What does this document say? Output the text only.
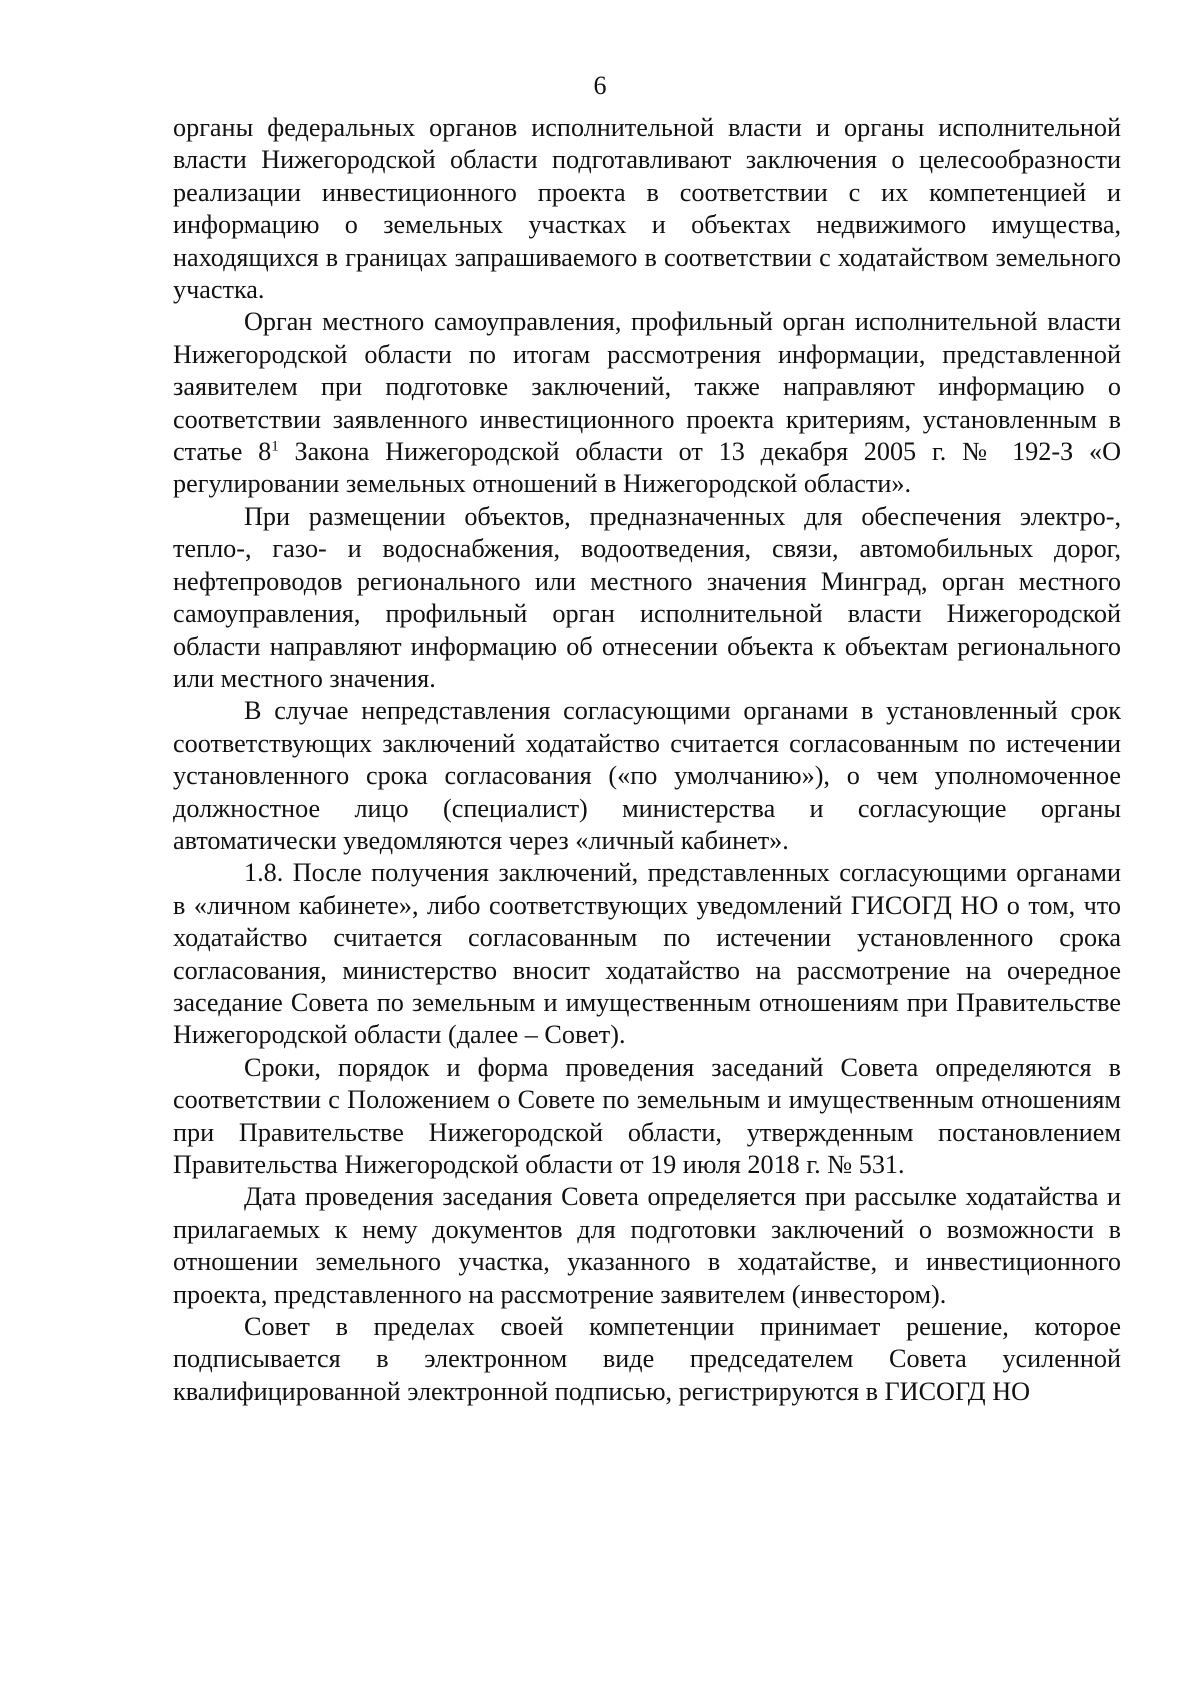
6

органы федеральных органов исполнительной власти и органы исполнительной власти Нижегородской области подготавливают заключения о целесообразности реализации инвестиционного проекта в соответствии с их компетенцией и информацию о земельных участках и объектах недвижимого имущества, находящихся в границах запрашиваемого в соответствии с ходатайством земельного участка.

Орган местного самоуправления, профильный орган исполнительной власти Нижегородской области по итогам рассмотрения информации, представленной заявителем при подготовке заключений, также направляют информацию о соответствии заявленного инвестиционного проекта критериям, установленным в статье $8^1$ Закона Нижегородской области от 13 декабря 2005 г. № 192-З «О регулировании земельных отношений в Нижегородской области».

При размещении объектов, предназначенных для обеспечения электро-, тепло-, газо- и водоснабжения, водоотведения, связи, автомобильных дорог, нефтепроводов регионального или местного значения Минград, орган местного самоуправления, профильный орган исполнительной власти Нижегородской области направляют информацию об отнесении объекта к объектам регионального или местного значения.

В случае непредставления согласующими органами в установленный срок соответствующих заключений ходатайство считается согласованным по истечении установленного срока согласования («по умолчанию»), о чем уполномоченное должностное лицо (специалист) министерства и согласующие органы автоматически уведомляются через «личный кабинет».

1.8. После получения заключений, представленных согласующими органами в «личном кабинете», либо соответствующих уведомлений ГИСОГД НО о том, что ходатайство считается согласованным по истечении установленного срока согласования, министерство вносит ходатайство на рассмотрение на очередное заседание Совета по земельным и имущественным отношениям при Правительстве Нижегородской области (далее – Совет).

Сроки, порядок и форма проведения заседаний Совета определяются в соответствии с Положением о Совете по земельным и имущественным отношениям при Правительстве Нижегородской области, утвержденным постановлением Правительства Нижегородской области от 19 июля 2018 г. № 531.

Дата проведения заседания Совета определяется при рассылке ходатайства и прилагаемых к нему документов для подготовки заключений о возможности в отношении земельного участка, указанного в ходатайстве, и инвестиционного проекта, представленного на рассмотрение заявителем (инвестором).

Совет в пределах своей компетенции принимает решение, которое подписывается в электронном виде председателем Совета усиленной квалифицированной электронной подписью, регистрируются в ГИСОГД НО
